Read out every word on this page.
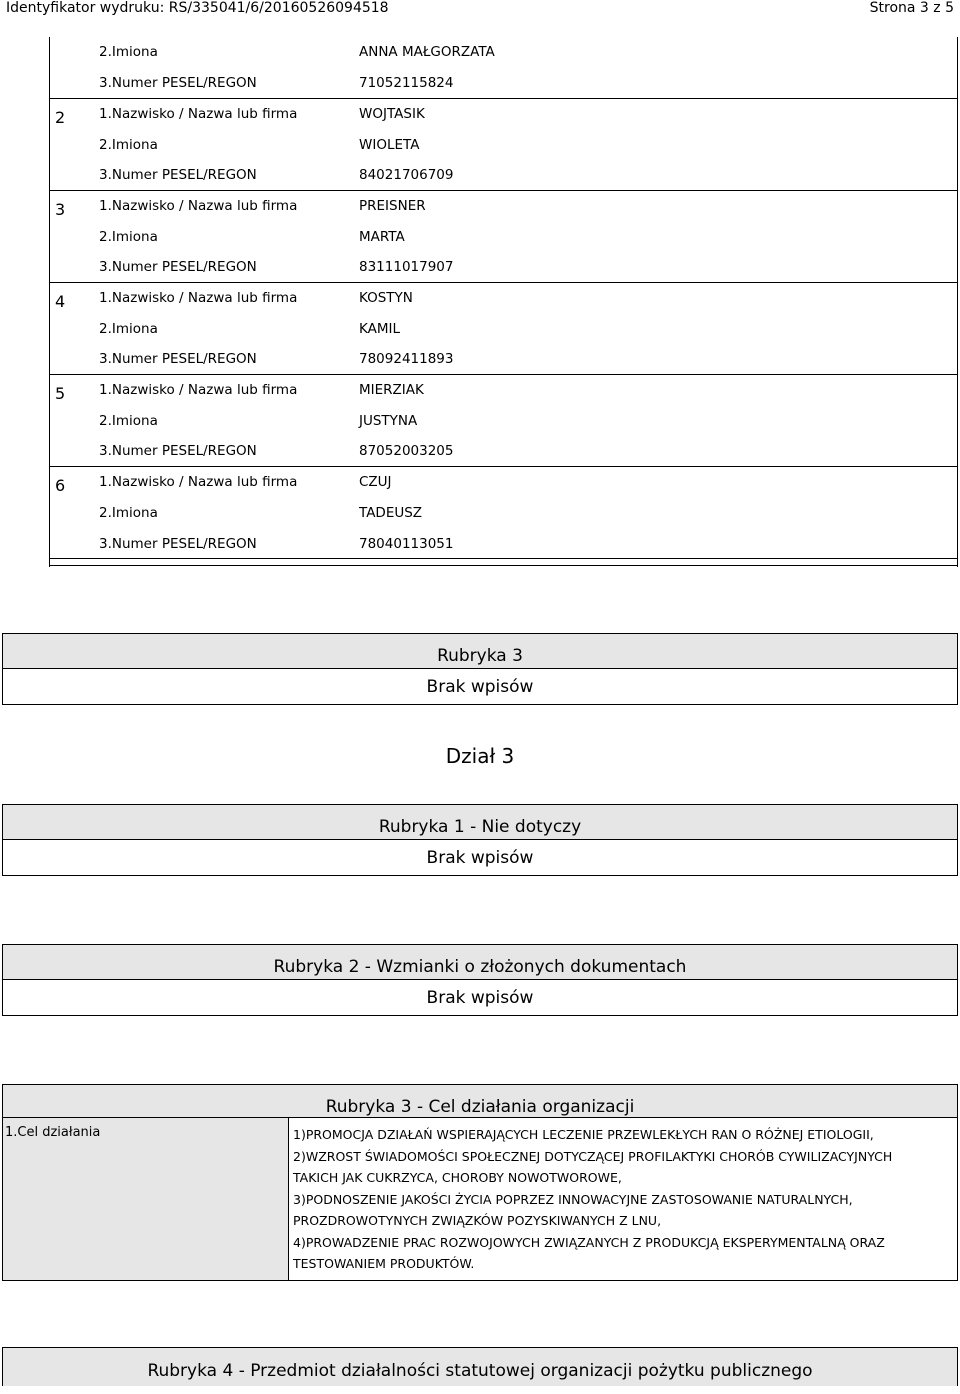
Identyfikator wydruku: RS/335041/6/20160526094518	Strona 3 z 5
2.Imiona	ANNA MAŁGORZATA
3.Numer PESEL/REGON	71052115824
2	1.Nazwisko / Nazwa lub firma	WOJTASIK
2.Imiona	WIOLETA
3.Numer PESEL/REGON	84021706709
3	1.Nazwisko / Nazwa lub firma	PREISNER
2.Imiona	MARTA
3.Numer PESEL/REGON	83111017907
4	1.Nazwisko / Nazwa lub firma	KOSTYN
2.Imiona	KAMIL
3.Numer PESEL/REGON	78092411893
5	1.Nazwisko / Nazwa lub firma	MIERZIAK
2.Imiona	JUSTYNA
3.Numer PESEL/REGON	87052003205
6	1.Nazwisko / Nazwa lub firma	CZUJ
2.Imiona	TADEUSZ
3.Numer PESEL/REGON	78040113051
Rubryka 3
Brak wpisów
Dział 3
Rubryka 1 - Nie dotyczy
Brak wpisów
Rubryka 2 - Wzmianki o złożonych dokumentach
Brak wpisów
Rubryka 3 - Cel działania organizacji
1.Cel działania	1)PROMOCJA DZIAŁAŃ WSPIERAJĄCYCH LECZENIE PRZEWLEKŁYCH RAN O RÓŻNEJ ETIOLOGII,
2)WZROST ŚWIADOMOŚCI SPOŁECZNEJ DOTYCZĄCEJ PROFILAKTYKI CHORÓB CYWILIZACYJNYCH
TAKICH JAK CUKRZYCA, CHOROBY NOWOTWOROWE,
3)PODNOSZENIE JAKOŚCI ŻYCIA POPRZEZ INNOWACYJNE ZASTOSOWANIE NATURALNYCH,
PROZDROWOTYNYCH ZWIĄZKÓW POZYSKIWANYCH Z LNU,
4)PROWADZENIE PRAC ROZWOJOWYCH ZWIĄZANYCH Z PRODUKCJĄ EKSPERYMENTALNĄ ORAZ
TESTOWANIEM PRODUKTÓW.
Rubryka 4 - Przedmiot działalności statutowej organizacji pożytku publicznego
